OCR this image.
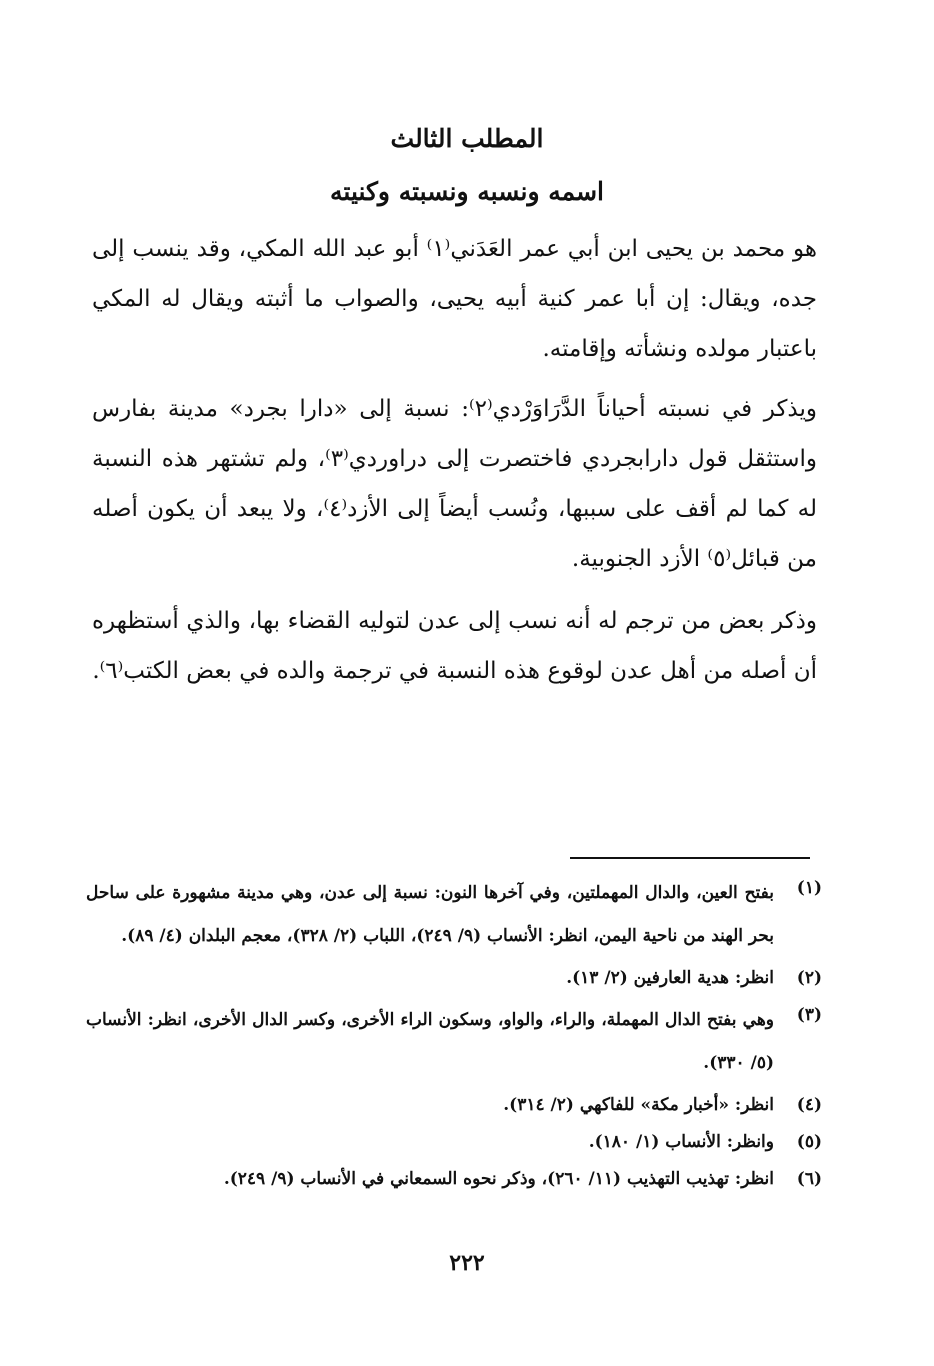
المطلب الثالث
اسمه ونسبه ونسبته وكنيته
هو محمد بن يحيى ابن أبي عمر العَدَني⁽١⁾ أبو عبد الله المكي، وقد ينسب إلى جده، ويقال: إن أبا عمر كنية أبيه يحيى، والصواب ما أثبته ويقال له المكي باعتبار مولده ونشأته وإقامته.
ويذكر في نسبته أحياناً الدَّرَاوَرْدي⁽٢⁾: نسبة إلى «دارا بجرد» مدينة بفارس واستثقل قول دارابجردي فاختصرت إلى دراوردي⁽٣⁾، ولم تشتهر هذه النسبة له كما لم أقف على سببها، ونُسب أيضاً إلى الأزد⁽٤⁾، ولا يبعد أن يكون أصله من قبائل⁽٥⁾ الأزد الجنوبية.
وذكر بعض من ترجم له أنه نسب إلى عدن لتوليه القضاء بها، والذي أستظهره أن أصله من أهل عدن لوقوع هذه النسبة في ترجمة والده في بعض الكتب⁽٦⁾.
(١)
بفتح العين، والدال المهملتين، وفي آخرها النون: نسبة إلى عدن، وهي مدينة مشهورة على ساحل بحر الهند من ناحية اليمن، انظر: الأنساب (٩/ ٢٤٩)، اللباب (٢/ ٣٢٨)، معجم البلدان (٤/ ٨٩).
(٢)
انظر: هدية العارفين (٢/ ١٣).
(٣)
وهي بفتح الدال المهملة، والراء، والواو، وسكون الراء الأخرى، وكسر الدال الأخرى، انظر: الأنساب (٥/ ٣٣٠).
(٤)
انظر: «أخبار مكة» للفاكهي (٢/ ٣١٤).
(٥)
وانظر: الأنساب (١/ ١٨٠).
(٦)
انظر: تهذيب التهذيب (١١/ ٢٦٠)، وذكر نحوه السمعاني في الأنساب (٩/ ٢٤٩).
٢٢٢
